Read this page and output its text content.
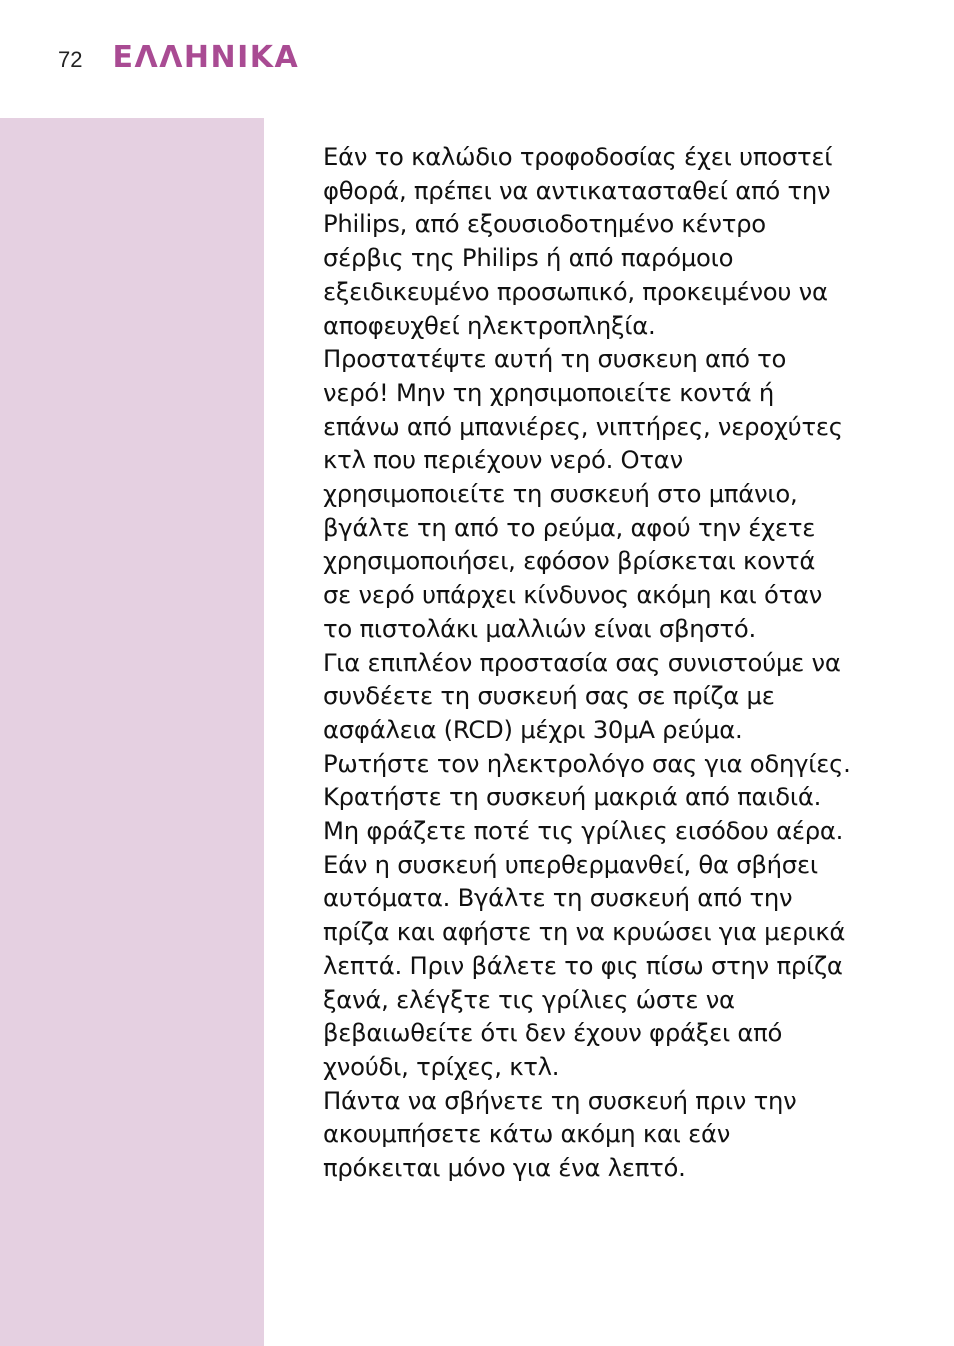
72 ΕΛΛΗΝΙΚΑ

Εάν το καλώδιο τροφοδοσίας έχει υποστεί
φθορά, πρέπει να αντικατασταθεί από την
Philips, από εξουσιοδοτημένο κέντρο
σέρβις της Philips ή από παρόμοιο
εξειδικευμένο προσωπικό, προκειμένου να
αποφευχθεί ηλεκτροπληξία.

Προστατέψτε αυτή τη συσκευη από το
νερό! Μην τη χρησιμοποιείτε κοντά ή
επάνω από μπανιέρες, νιπτήρες, νεροχύτες
κτλ που περιέχουν νερό. Οταν
χρησιμοποιείτε τη συσκευή στο μπάνιο,
βγάλτε τη από το ρεύμα, αφού την έχετε
χρησιμοποιήσει, εφόσον βρίσκεται κοντά
σε νερό υπάρχει κίνδυνος ακόμη και όταν
το πιστολάκι μαλλιών είναι σβηστό.

Για επιπλέον προστασία σας συνιστούμε να
συνδέετε τη συσκευή σας σε πρίζα με
ασφάλεια (RCD) μέχρι 30μA ρεύμα.
Ρωτήστε τον ηλεκτρολόγο σας για οδηγίες.

Κρατήστε τη συσκευή μακριά από παιδιά.

Μη φράζετε ποτέ τις γρίλιες εισόδου αέρα.

Εάν η συσκευή υπερθερμανθεί, θα σβήσει
αυτόματα. Βγάλτε τη συσκευή από την
πρίζα και αφήστε τη να κρυώσει για μερικά
λεπτά. Πριν βάλετε το φις πίσω στην πρίζα
ξανά, ελέγξτε τις γρίλιες ώστε να
βεβαιωθείτε ότι δεν έχουν φράξει από
χνούδι, τρίχες, κτλ.

Πάντα να σβήνετε τη συσκευή πριν την
ακουμπήσετε κάτω ακόμη και εάν
πρόκειται μόνο για ένα λεπτό.
